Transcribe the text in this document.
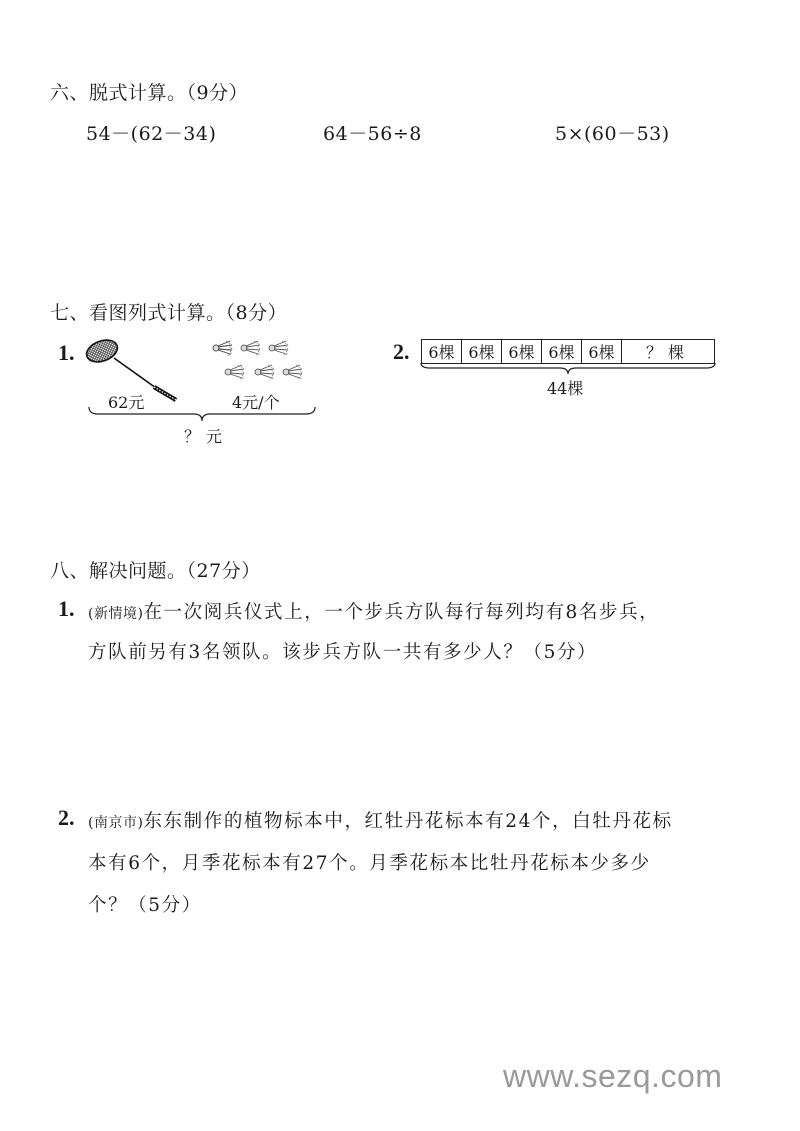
六、脱式计算。（9分）
54－(62－34)	64－56÷8	5×(60－53)
七、看图列式计算。（8分）
1.
62元	4元/个
？元
2.	6棵 6棵 6棵 6棵 6棵	？棵
44棵
八、解决问题。（27分）
1. (新情境)在一次阅兵仪式上，一个步兵方队每行每列均有8名步兵，
方队前另有3名领队。该步兵方队一共有多少人？（5分）
2. (南京市)东东制作的植物标本中，红牡丹花标本有24个，白牡丹花标
本有6个，月季花标本有27个。月季花标本比牡丹花标本少多少
个？（5分）
www.sezq.com
